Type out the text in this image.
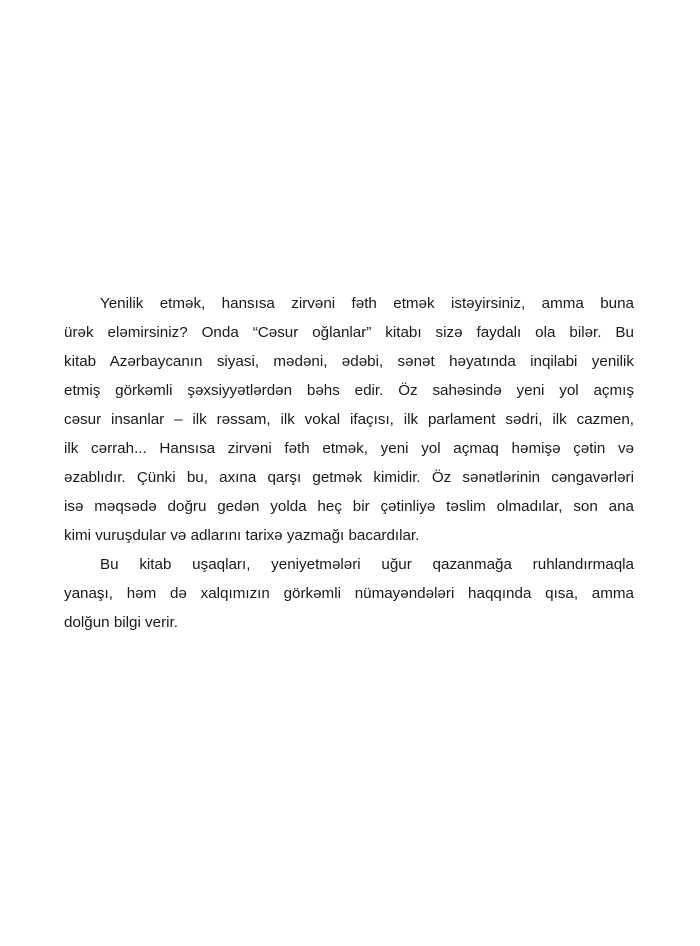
Yenilik etmək, hansısa zirvəni fəth etmək istəyirsiniz, amma buna
ürək eləmirsiniz? Onda “Cəsur oğlanlar” kitabı sizə faydalı ola bilər. Bu
kitab Azərbaycanın siyasi, mədəni, ədəbi, sənət həyatında inqilabi yenilik
etmiş görkəmli şəxsiyyətlərdən bəhs edir. Öz sahəsində yeni yol açmış
cəsur insanlar – ilk rəssam, ilk vokal ifaçısı, ilk parlament sədri, ilk cazmen,
ilk cərrah... Hansısa zirvəni fəth etmək, yeni yol açmaq həmişə çətin və
əzablıdır. Çünki bu, axına qarşı getmək kimidir. Öz sənətlərinin cəngavərləri
isə məqsədə doğru gedən yolda heç bir çətinliyə təslim olmadılar, son ana
kimi vuruşdular və adlarını tarixə yazmağı bacardılar.

Bu kitab uşaqları, yeniyetmələri uğur qazanmağa ruhlandırmaqla
yanaşı, həm də xalqımızın görkəmli nümayəndələri haqqında qısa, amma
dolğun bilgi verir.
